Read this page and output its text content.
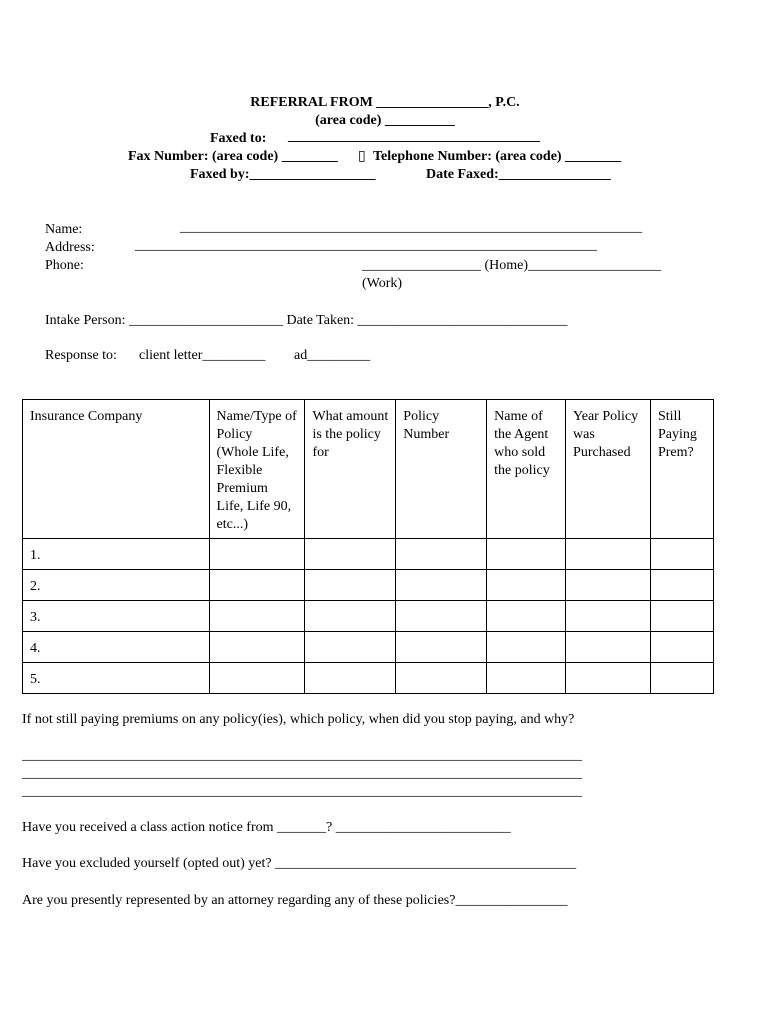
REFERRAL FROM ________________, P.C.
(area code) __________
Faxed to: ____________________________________
Fax Number: (area code) ________ ▯ Telephone Number: (area code) ________
Faxed by:__________________	Date Faxed:________________
Name:	__________________________________________________________________
Address:	__________________________________________________________________
Phone:	_________________ (Home)___________________
(Work)
Intake Person: ______________________ Date Taken: ______________________________
Response to: client letter_________ ad_________
Insurance Company	Name/Type of Policy (Whole Life, Flexible Premium Life, Life 90, etc...)	What amount is the policy for	Policy Number	Name of the Agent who sold the policy	Year Policy was Purchased	Still Paying Prem?
1.						
2.						
3.						
4.						
5.						
If not still paying premiums on any policy(ies), which policy, when did you stop paying, and why?
________________________________________________________________________________
________________________________________________________________________________
________________________________________________________________________________
Have you received a class action notice from _______? _________________________
Have you excluded yourself (opted out) yet? ___________________________________________
Are you presently represented by an attorney regarding any of these policies?________________
